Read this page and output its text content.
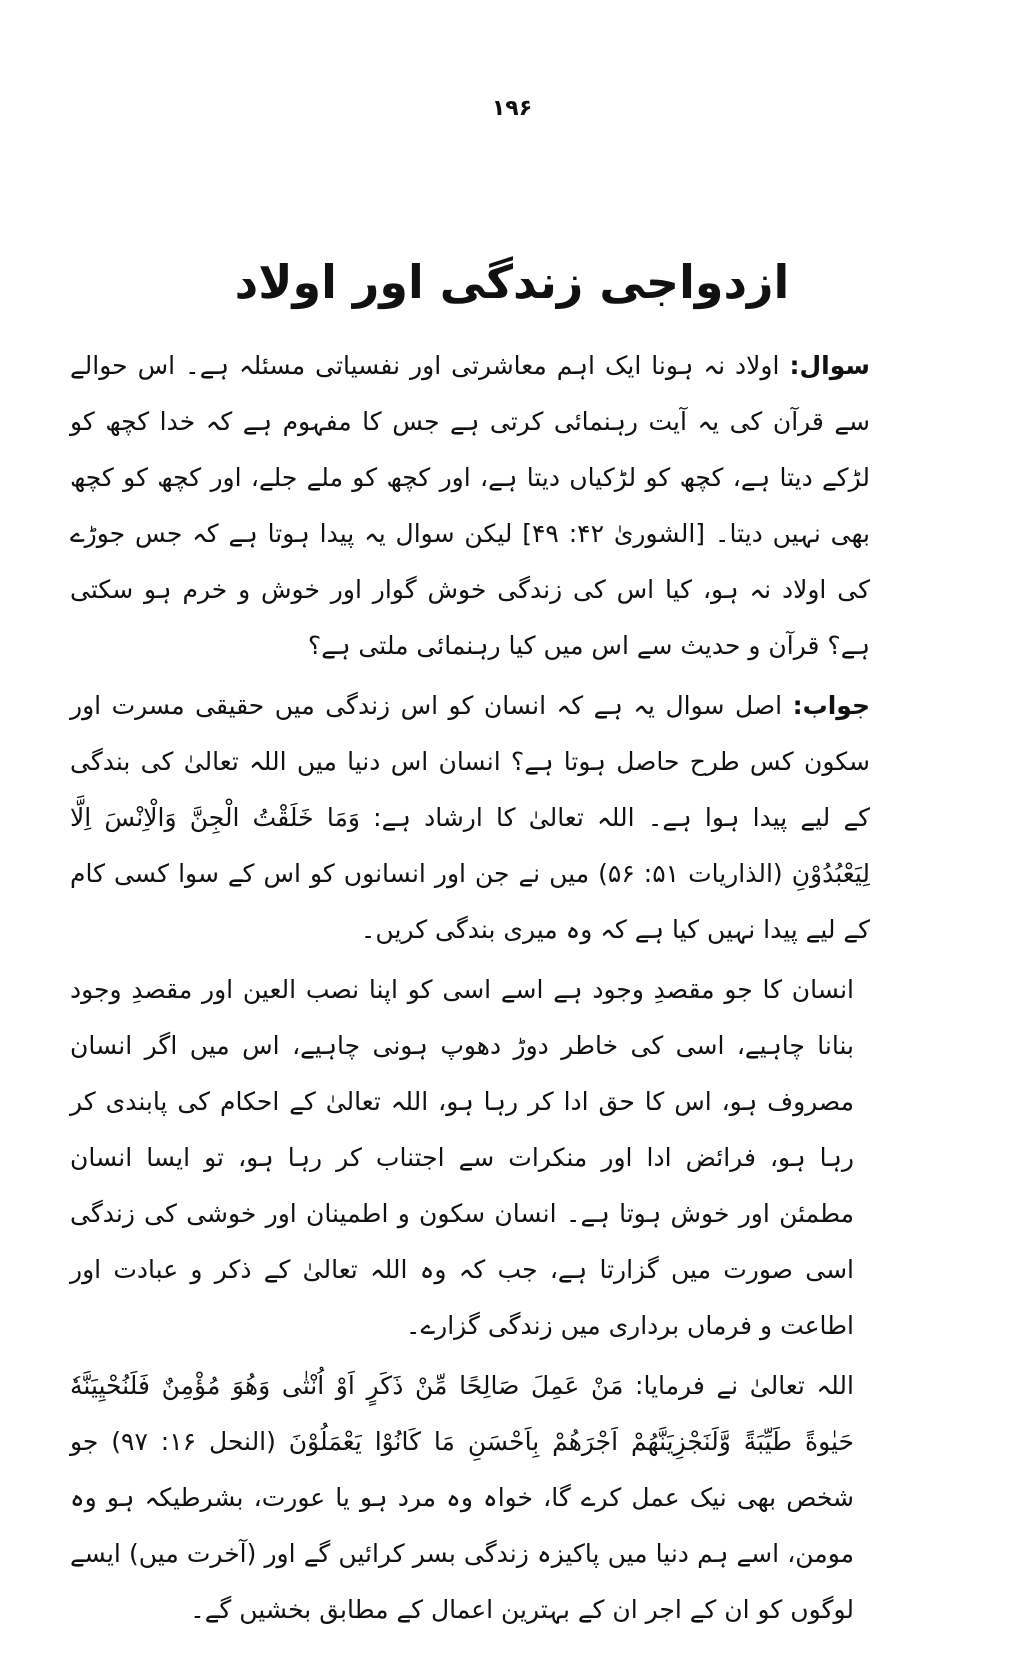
۱۹۶
ازدواجی زندگی اور اولاد

سوال: اولاد نہ ہونا ایک اہم معاشرتی اور نفسیاتی مسئلہ ہے۔ اس حوالے سے قرآن کی یہ آیت رہنمائی کرتی ہے جس کا مفہوم ہے کہ خدا کچھ کو لڑکے دیتا ہے، کچھ کو لڑکیاں دیتا ہے، اور کچھ کو ملے جلے، اور کچھ کو کچھ بھی نہیں دیتا۔ [الشوریٰ ۴۲: ۴۹] لیکن سوال یہ پیدا ہوتا ہے کہ جس جوڑے کی اولاد نہ ہو، کیا اس کی زندگی خوش گوار اور خوش و خرم ہو سکتی ہے؟ قرآن و حدیث سے اس میں کیا رہنمائی ملتی ہے؟

جواب: اصل سوال یہ ہے کہ انسان کو اس زندگی میں حقیقی مسرت اور سکون کس طرح حاصل ہوتا ہے؟ انسان اس دنیا میں اللہ تعالیٰ کی بندگی کے لیے پیدا ہوا ہے۔ اللہ تعالیٰ کا ارشاد ہے: وَمَا خَلَقْتُ الْجِنَّ وَالْاِنْسَ اِلَّا لِيَعْبُدُوْنِ (الذاریات ۵۱: ۵۶) میں نے جن اور انسانوں کو اس کے سوا کسی کام کے لیے پیدا نہیں کیا ہے کہ وہ میری بندگی کریں۔

انسان کا جو مقصدِ وجود ہے اسے اسی کو اپنا نصب العین اور مقصدِ وجود بنانا چاہیے، اسی کی خاطر دوڑ دھوپ ہونی چاہیے، اس میں اگر انسان مصروف ہو، اس کا حق ادا کر رہا ہو، اللہ تعالیٰ کے احکام کی پابندی کر رہا ہو، فرائض ادا اور منکرات سے اجتناب کر رہا ہو، تو ایسا انسان مطمئن اور خوش ہوتا ہے۔ انسان سکون و اطمینان اور خوشی کی زندگی اسی صورت میں گزارتا ہے، جب کہ وہ اللہ تعالیٰ کے ذکر و عبادت اور اطاعت و فرماں برداری میں زندگی گزارے۔

اللہ تعالیٰ نے فرمایا: مَنْ عَمِلَ صَالِحًا مِّنْ ذَكَرٍ اَوْ اُنْثٰى وَهُوَ مُؤْمِنٌ فَلَنُحْيِيَنَّهٗ حَيٰوةً طَيِّبَةً وَّلَنَجْزِيَنَّهُمْ اَجْرَهُمْ بِاَحْسَنِ مَا كَانُوْا يَعْمَلُوْنَ (النحل ۱۶: ۹۷) جو شخص بھی نیک عمل کرے گا، خواہ وہ مرد ہو یا عورت، بشرطیکہ ہو وہ مومن، اسے ہم دنیا میں پاکیزہ زندگی بسر کرائیں گے اور (آخرت میں) ایسے لوگوں کو ان کے اجر ان کے بہترین اعمال کے مطابق بخشیں گے۔
